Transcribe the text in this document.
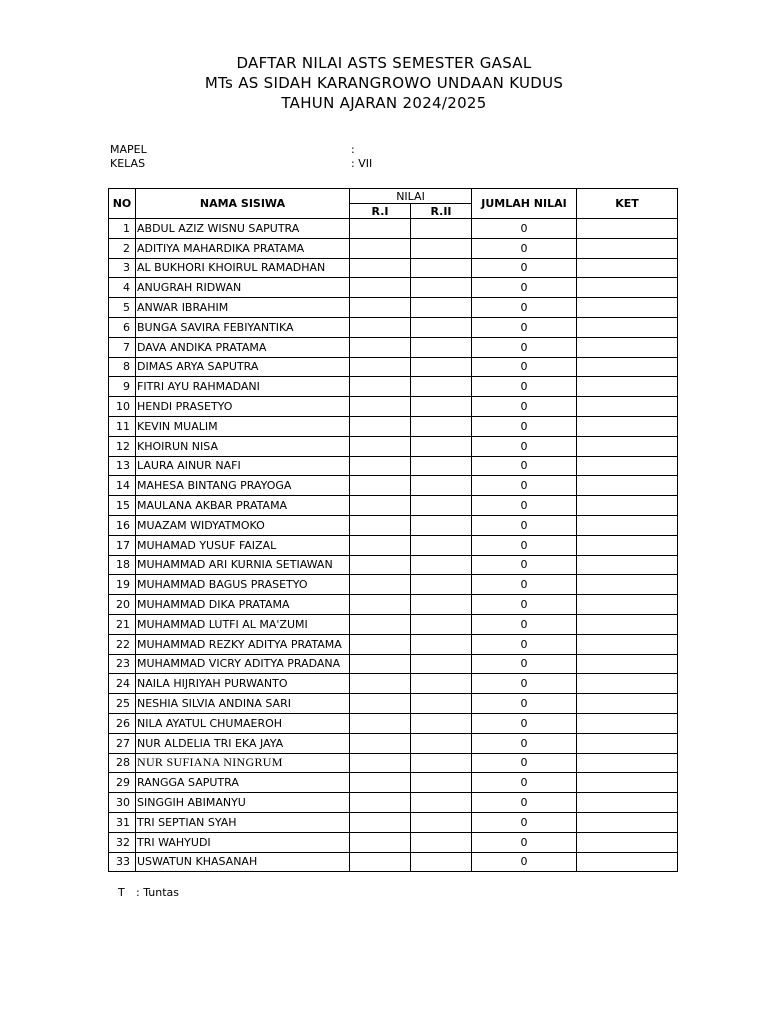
DAFTAR NILAI ASTS SEMESTER GASAL
MTs AS SIDAH KARANGROWO UNDAAN KUDUS
TAHUN AJARAN 2024/2025
MAPEL	:
KELAS	: VII
NO	NAMA SISIWA	NILAI		JUMLAH NILAI	KET
		R.I	R.II		
1	ABDUL AZIZ WISNU SAPUTRA			0	
2	ADITIYA MAHARDIKA PRATAMA			0	
3	AL BUKHORI KHOIRUL RAMADHAN			0	
4	ANUGRAH RIDWAN			0	
5	ANWAR IBRAHIM			0	
6	BUNGA SAVIRA FEBIYANTIKA			0	
7	DAVA ANDIKA PRATAMA			0	
8	DIMAS ARYA SAPUTRA			0	
9	FITRI AYU RAHMADANI			0	
10	HENDI PRASETYO			0	
11	KEVIN MUALIM			0	
12	KHOIRUN NISA			0	
13	LAURA AINUR NAFI			0	
14	MAHESA BINTANG PRAYOGA			0	
15	MAULANA AKBAR PRATAMA			0	
16	MUAZAM WIDYATMOKO			0	
17	MUHAMAD YUSUF FAIZAL			0	
18	MUHAMMAD ARI KURNIA SETIAWAN			0	
19	MUHAMMAD BAGUS PRASETYO			0	
20	MUHAMMAD DIKA PRATAMA			0	
21	MUHAMMAD LUTFI AL MA'ZUMI			0	
22	MUHAMMAD REZKY ADITYA PRATAMA			0	
23	MUHAMMAD VICRY ADITYA PRADANA			0	
24	NAILA HIJRIYAH PURWANTO			0	
25	NESHIA SILVIA ANDINA SARI			0	
26	NILA AYATUL CHUMAEROH			0	
27	NUR ALDELIA TRI EKA JAYA			0	
28	NUR SUFIANA NINGRUM			0	
29	RANGGA SAPUTRA			0	
30	SINGGIH ABIMANYU			0	
31	TRI SEPTIAN SYAH			0	
32	TRI WAHYUDI			0	
33	USWATUN KHASANAH			0	
T : Tuntas
